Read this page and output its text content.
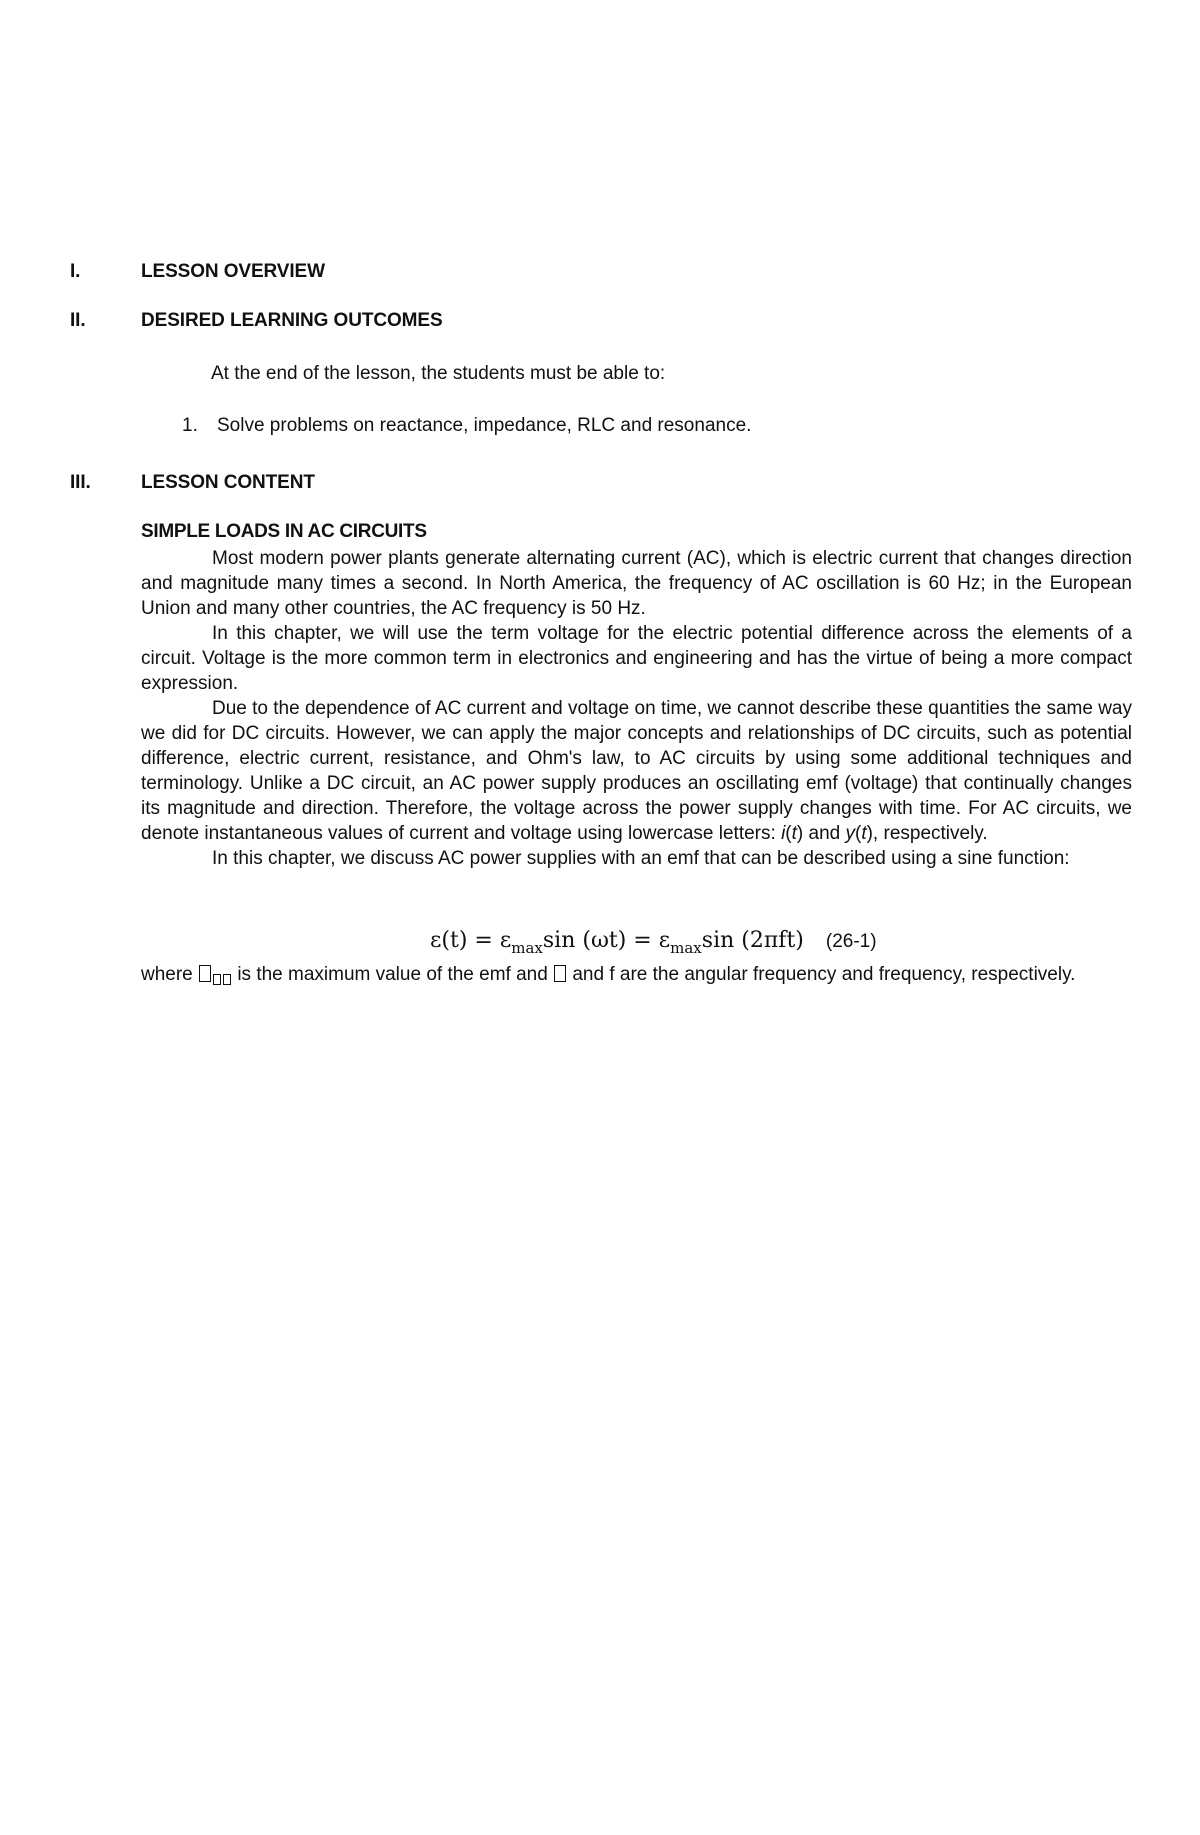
I.	LESSON OVERVIEW
II.	DESIRED LEARNING OUTCOMES
At the end of the lesson, the students must be able to:
1. Solve problems on reactance, impedance, RLC and resonance.
III.	LESSON CONTENT
SIMPLE LOADS IN AC CIRCUITS

Most modern power plants generate alternating current (AC), which is electric current that changes direction and magnitude many times a second. In North America, the frequency of AC oscillation is 60 Hz; in the European Union and many other countries, the AC frequency is 50 Hz.

In this chapter, we will use the term voltage for the electric potential difference across the elements of a circuit. Voltage is the more common term in electronics and engineering and has the virtue of being a more compact expression.

Due to the dependence of AC current and voltage on time, we cannot describe these quantities the same way we did for DC circuits. However, we can apply the major concepts and relationships of DC circuits, such as potential difference, electric current, resistance, and Ohm's law, to AC circuits by using some additional techniques and terminology. Unlike a DC circuit, an AC power supply produces an oscillating emf (voltage) that continually changes its magnitude and direction. Therefore, the voltage across the power supply changes with time. For AC circuits, we denote instantaneous values of current and voltage using lowercase letters: i(t) and y(t), respectively.

In this chapter, we discuss AC power supplies with an emf that can be described using a sine function:

$\varepsilon(t) = \varepsilon_{max}\sin$ $(\omega t) = \varepsilon_{max}\sin$ (2πft) (26-1)
where is the maximum value of the emf and and f are the angular frequency and frequency, respectively.
